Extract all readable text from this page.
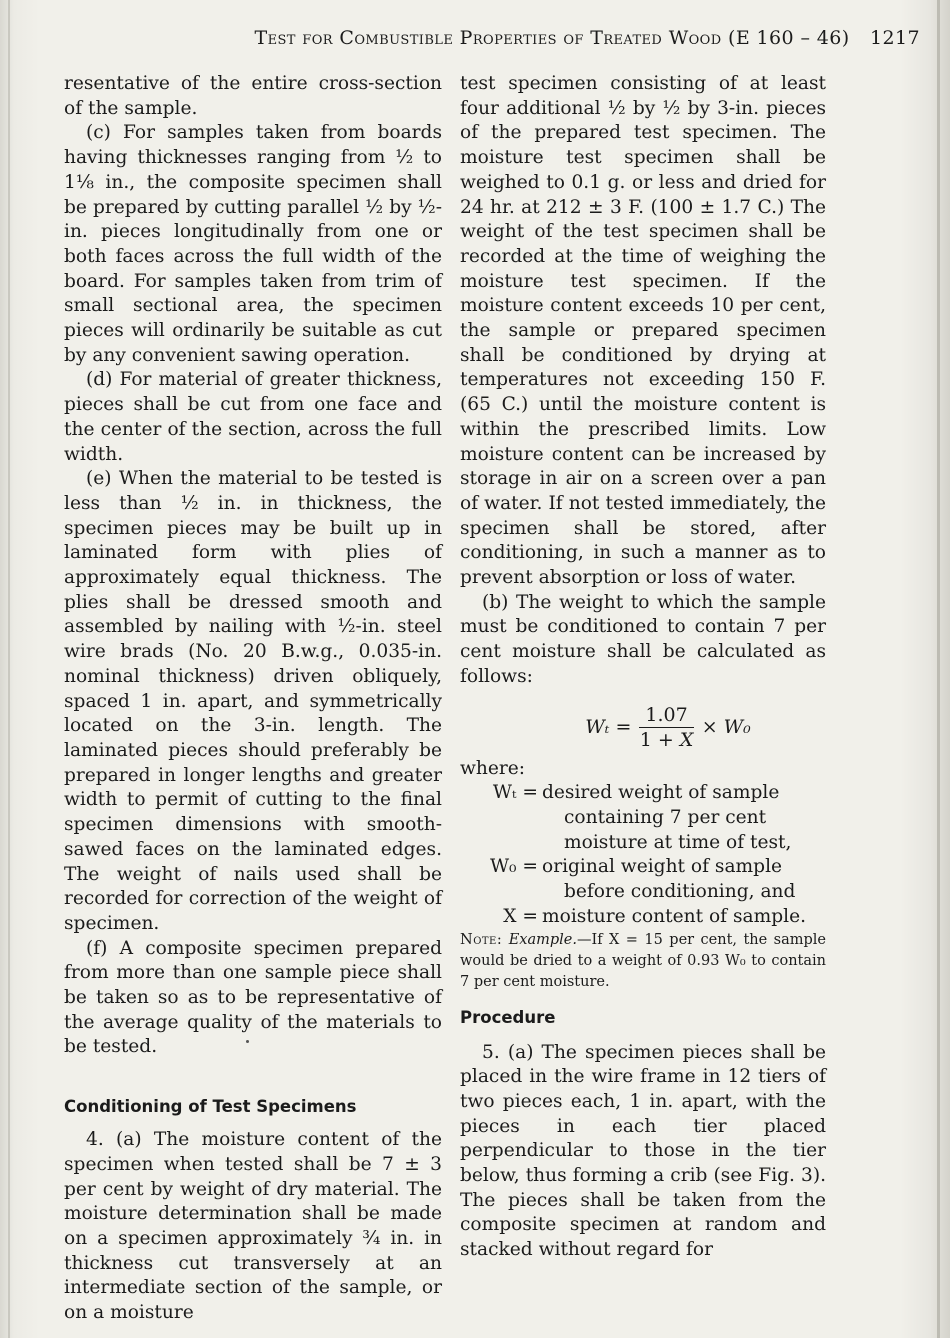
Test for Combustible Properties of Treated Wood (E 160 – 46) 1217

resentative of the entire cross-section of the sample.

(c) For samples taken from boards having thicknesses ranging from ½ to 1⅛ in., the composite specimen shall be prepared by cutting parallel ½ by ½-in. pieces longitudinally from one or both faces across the full width of the board. For samples taken from trim of small sectional area, the specimen pieces will ordinarily be suitable as cut by any convenient sawing operation.

(d) For material of greater thickness, pieces shall be cut from one face and the center of the section, across the full width.

(e) When the material to be tested is less than ½ in. in thickness, the specimen pieces may be built up in laminated form with plies of approximately equal thickness. The plies shall be dressed smooth and assembled by nailing with ½-in. steel wire brads (No. 20 B.w.g., 0.035-in. nominal thickness) driven obliquely, spaced 1 in. apart, and symmetrically located on the 3-in. length. The laminated pieces should preferably be prepared in longer lengths and greater width to permit of cutting to the final specimen dimensions with smooth-sawed faces on the laminated edges. The weight of nails used shall be recorded for correction of the weight of specimen.

(f) A composite specimen prepared from more than one sample piece shall be taken so as to be representative of the average quality of the materials to be tested.

Conditioning of Test Specimens

4. (a) The moisture content of the specimen when tested shall be 7 ± 3 per cent by weight of dry material. The moisture determination shall be made on a specimen approximately ¾ in. in thickness cut transversely at an intermediate section of the sample, or on a moisture

test specimen consisting of at least four additional ½ by ½ by 3-in. pieces of the prepared test specimen. The moisture test specimen shall be weighed to 0.1 g. or less and dried for 24 hr. at 212 ± 3 F. (100 ± 1.7 C.) The weight of the test specimen shall be recorded at the time of weighing the moisture test specimen. If the moisture content exceeds 10 per cent, the sample or prepared specimen shall be conditioned by drying at temperatures not exceeding 150 F. (65 C.) until the moisture content is within the prescribed limits. Low moisture content can be increased by storage in air on a screen over a pan of water. If not tested immediately, the specimen shall be stored, after conditioning, in such a manner as to prevent absorption or loss of water.

(b) The weight to which the sample must be conditioned to contain 7 per cent moisture shall be calculated as follows:

$W_t = \frac{1.07}{1 + X} \times W_0$

where:

Wₜ = desired weight of sample containing 7 per cent moisture at time of test,
W₀ = original weight of sample before conditioning, and
X = moisture content of sample.

Note: Example.—If X = 15 per cent, the sample would be dried to a weight of 0.93 W₀ to contain 7 per cent moisture.

Procedure

5. (a) The specimen pieces shall be placed in the wire frame in 12 tiers of two pieces each, 1 in. apart, with the pieces in each tier placed perpendicular to those in the tier below, thus forming a crib (see Fig. 3). The pieces shall be taken from the composite specimen at random and stacked without regard for
